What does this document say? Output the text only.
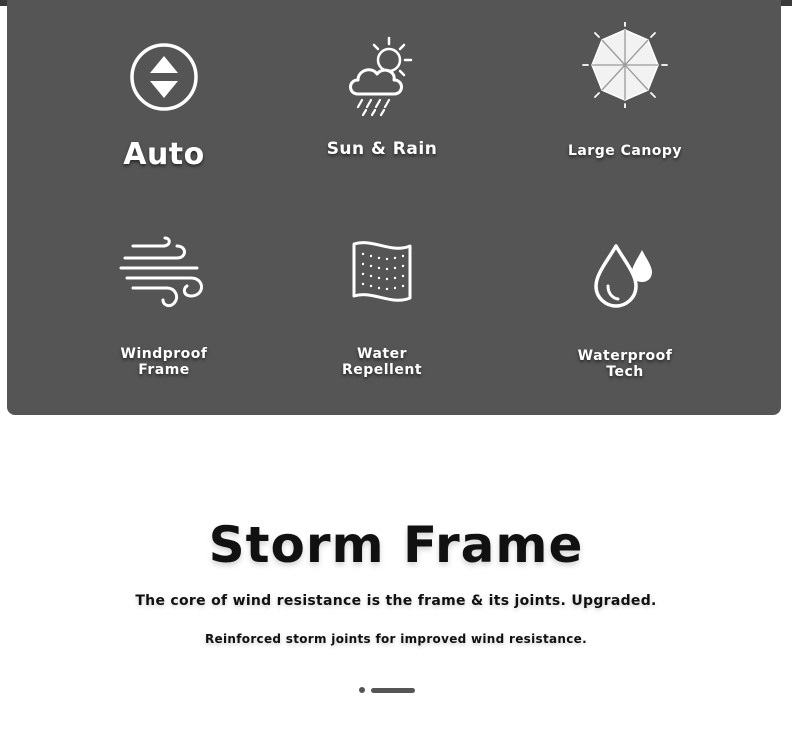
Auto	Sun & Rain	Large Canopy
Windproof
Frame
Water
Repellent
Waterproof
Tech
Storm Frame
The core of wind resistance is the frame & its joints. Upgraded.
Reinforced storm joints for improved wind resistance.
